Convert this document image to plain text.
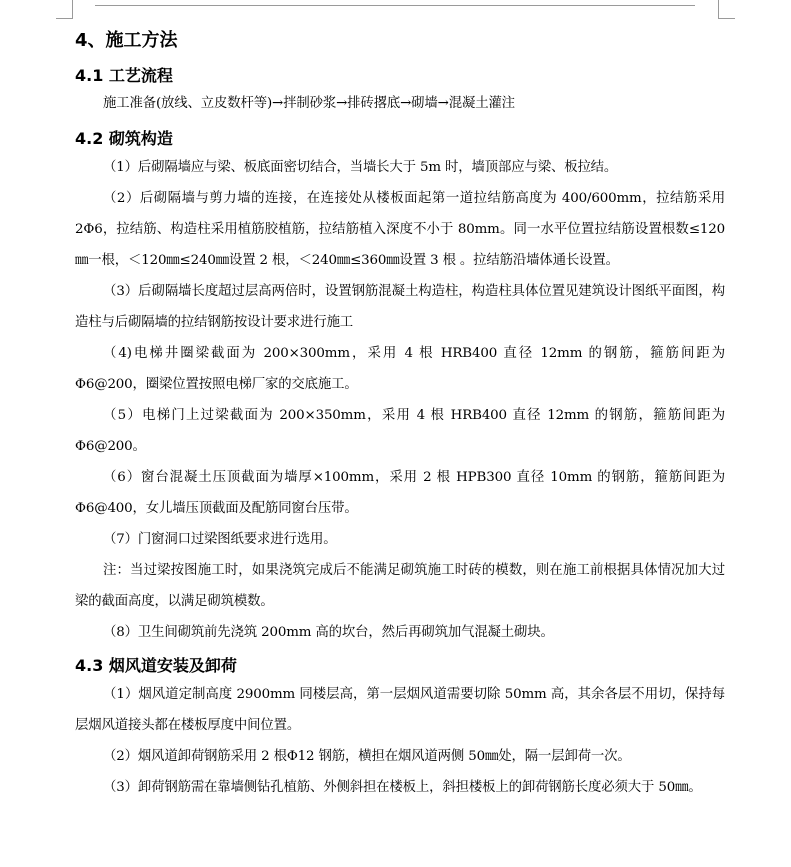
4、施工方法
4.1 工艺流程

施工准备(放线、立皮数杆等)→拌制砂浆→排砖撂底→砌墙→混凝土灌注

4.2 砌筑构造

（1）后砌隔墙应与梁、板底面密切结合，当墙长大于 5m 时，墙顶部应与梁、板拉结。

（2）后砌隔墙与剪力墙的连接，在连接处从楼板面起第一道拉结筋高度为 400/600mm，拉结筋采用 2Φ6，拉结筋、构造柱采用植筋胶植筋，拉结筋植入深度不小于 80mm。同一水平位置拉结筋设置根数≤120㎜一根，＜120㎜≤240㎜设置 2 根，＜240㎜≤360㎜设置 3 根 。拉结筋沿墙体通长设置。

（3）后砌隔墙长度超过层高两倍时，设置钢筋混凝土构造柱，构造柱具体位置见建筑设计图纸平面图，构造柱与后砌隔墙的拉结钢筋按设计要求进行施工

（4)电梯井圈梁截面为 200×300mm，采用 4 根 HRB400 直径 12mm 的钢筋，箍筋间距为Φ6@200，圈梁位置按照电梯厂家的交底施工。

（5）电梯门上过梁截面为 200×350mm，采用 4 根 HRB400 直径 12mm 的钢筋，箍筋间距为Φ6@200。

（6）窗台混凝土压顶截面为墙厚×100mm，采用 2 根 HPB300 直径 10mm 的钢筋，箍筋间距为Φ6@400，女儿墙压顶截面及配筋同窗台压带。

（7）门窗洞口过梁图纸要求进行选用。

注：当过梁按图施工时，如果浇筑完成后不能满足砌筑施工时砖的模数，则在施工前根据具体情况加大过梁的截面高度，以满足砌筑模数。

（8）卫生间砌筑前先浇筑 200mm 高的坎台，然后再砌筑加气混凝土砌块。

4.3 烟风道安装及卸荷

（1）烟风道定制高度 2900mm 同楼层高，第一层烟风道需要切除 50mm 高，其余各层不用切，保持每层烟风道接头都在楼板厚度中间位置。

（2）烟风道卸荷钢筋采用 2 根Φ12 钢筋，横担在烟风道两侧 50㎜处，隔一层卸荷一次。

（3）卸荷钢筋需在靠墙侧钻孔植筋、外侧斜担在楼板上，斜担楼板上的卸荷钢筋长度必须大于 50㎜。
